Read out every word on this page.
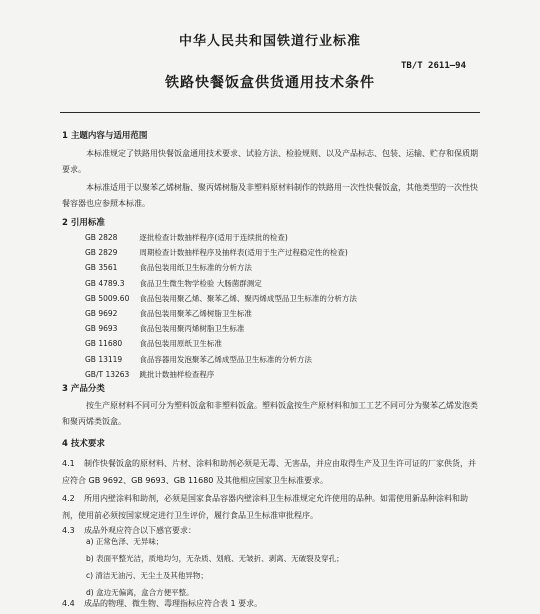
中华人民共和国铁道行业标准
TB/T 2611—94
铁路快餐饭盒供货通用技术条件
1 主题内容与适用范围

本标准规定了铁路用快餐饭盒通用技术要求、试验方法、检验规则、以及产品标志、包装、运输、贮存和保质期要求。

本标准适用于以聚苯乙烯树脂、聚丙烯树脂及非塑料原材料制作的铁路用一次性快餐饭盒，其他类型的一次性快餐容器也应参照本标准。

2 引用标准
GB 2828	逐批检查计数抽样程序(适用于连续批的检查)
GB 2829	周期检查计数抽样程序及抽样表(适用于生产过程稳定性的检查)
GB 3561	食品包装用纸卫生标准的分析方法
GB 4789.3 食品卫生微生物学检验 大肠菌群测定
GB 5009.60 食品包装用聚乙烯、聚苯乙烯、聚丙烯成型品卫生标准的分析方法
GB 9692	食品包装用聚苯乙烯树脂卫生标准
GB 9693	食品包装用聚丙烯树脂卫生标准
GB 11680 食品包装用原纸卫生标准
GB 13119 食品容器用发泡聚苯乙烯成型品卫生标准的分析方法
GB/T 13263 跳批计数抽样检查程序
3 产品分类

按生产原材料不同可分为塑料饭盒和非塑料饭盒。塑料饭盒按生产原材料和加工工艺不同可分为聚苯乙烯发泡类和聚丙烯类饭盒。

4 技术要求

4.1 制作快餐饭盒的原材料、片材、涂料和助剂必须是无毒、无害品，并应由取得生产及卫生许可证的厂家供货，并应符合 GB 9692、GB 9693、GB 11680 及其他相应国家卫生标准要求。

4.2 所用内壁涂料和助剂，必须是国家食品容器内壁涂料卫生标准规定允许使用的品种。如需使用新品种涂料和助剂，使用前必须按国家规定进行卫生评价，履行食品卫生标准审批程序。

4.3 成品外观应符合以下感官要求：

a) 正常色泽、无异味；
b) 表面平整光洁，质地均匀，无杂质、划痕、无皱折、剥离、无破裂及穿孔；
c) 清洁无油污、无尘土及其他异物；
d) 盒边无偏离，盒合方便平整。

4.4 成品的物理、微生物、毒理指标应符合表 1 要求。
